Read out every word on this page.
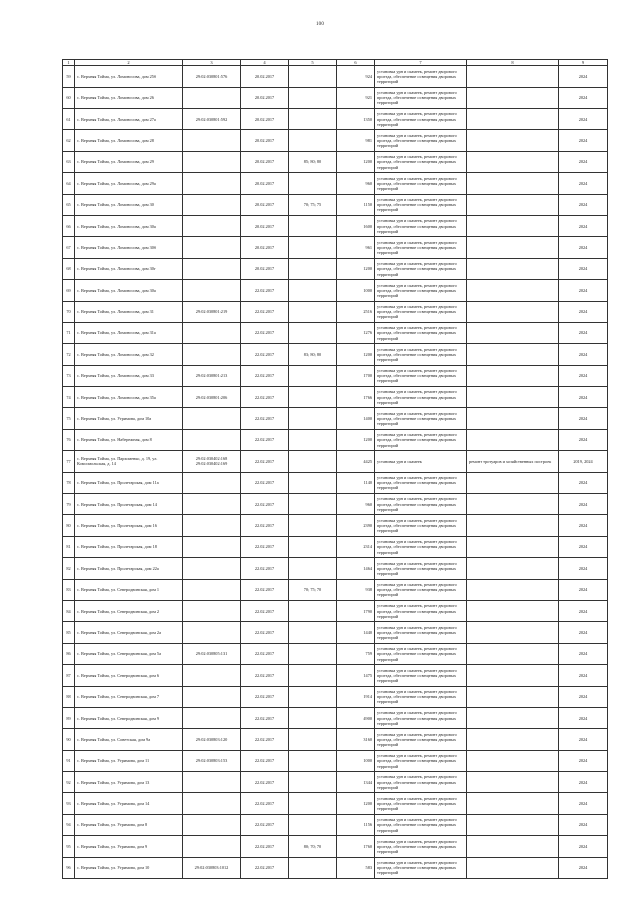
100
1	2	3	4	5	6	7	8	9
59	с. Верхняя Тойма, ул. Ломоносова, дом 25б	29:02:030801:576	20.02.2017		924	установка урн и скамеек, ремонт дворового проезда, обеспечение освещения дворовых территорий		2024
60	с. Верхняя Тойма, ул. Ломоносова, дом 26		20.02.2017		921	установка урн и скамеек, ремонт дворового проезда, обеспечение освещения дворовых территорий		2024
61	с. Верхняя Тойма, ул. Ломоносова, дом 27а	29:02:030801:592	20.02.2017		1350	установка урн и скамеек, ремонт дворового проезда, обеспечение освещения дворовых территорий		2024
62	с. Верхняя Тойма, ул. Ломоносова, дом 28		20.02.2017		981	установка урн и скамеек, ремонт дворового проезда, обеспечение освещения дворовых территорий		2024
63	с. Верхняя Тойма, ул. Ломоносова, дом 29		20.02.2017	85; 80; 80	1200	установка урн и скамеек, ремонт дворового проезда, обеспечение освещения дворовых территорий		2024
64	с. Верхняя Тойма, ул. Ломоносова, дом 29а		20.02.2017		960	установка урн и скамеек, ремонт дворового проезда, обеспечение освещения дворовых территорий		2024
65	с. Верхняя Тойма, ул. Ломоносова, дом 30		20.02.2017	70; 75; 75	1150	установка урн и скамеек, ремонт дворового проезда, обеспечение освещения дворовых территорий		2024
66	с. Верхняя Тойма, ул. Ломоносова, дом 30а		20.02.2017		1600	установка урн и скамеек, ремонт дворового проезда, обеспечение освещения дворовых территорий		2024
67	с. Верхняя Тойма, ул. Ломоносова, дом 30б		20.02.2017		961	установка урн и скамеек, ремонт дворового проезда, обеспечение освещения дворовых территорий		2024
68	с. Верхняя Тойма, ул. Ломоносова, дом 30г		20.02.2017		1200	установка урн и скамеек, ремонт дворового проезда, обеспечение освещения дворовых территорий		2024
69	с. Верхняя Тойма, ул. Ломоносова, дом 30а		22.02.2017		1000	установка урн и скамеек, ремонт дворового проезда, обеспечение освещения дворовых территорий		2024
70	с. Верхняя Тойма, ул. Ломоносова, дом 31	29:02:030801:219	22.02.2017		2516	установка урн и скамеек, ремонт дворового проезда, обеспечение освещения дворовых территорий		2024
71	с. Верхняя Тойма, ул. Ломоносова, дом 31а		22.02.2017		1276	установка урн и скамеек, ремонт дворового проезда, обеспечение освещения дворовых территорий		2024
72	с. Верхняя Тойма, ул. Ломоносова, дом 32		22.02.2017	83; 80; 80	1200	установка урн и скамеек, ремонт дворового проезда, обеспечение освещения дворовых территорий		2024
73	с. Верхняя Тойма, ул. Ломоносова, дом 33	29:02:030801:213	22.02.2017		1700	установка урн и скамеек, ремонт дворового проезда, обеспечение освещения дворовых территорий		2024
74	с. Верхняя Тойма, ул. Ломоносова, дом 35а	29:02:030801:206	22.02.2017		1766	установка урн и скамеек, ремонт дворового проезда, обеспечение освещения дворовых территорий		2024
75	с. Верхняя Тойма, ул. Угримова, дом 10а		22.02.2017		1400	установка урн и скамеек, ремонт дворового проезда, обеспечение освещения дворовых территорий		2024
76	с. Верхняя Тойма, ул. Набережная, дом 8		22.02.2017		1200	установка урн и скамеек, ремонт дворового проезда, обеспечение освещения дворовых территорий		2024
77	с. Верхняя Тойма, ул. Пархоменко, д. 19, ул. Комсомольская, д. 14	29:02:030402:168
29:02:030402:169	22.02.2017		4425	установка урн и скамеек	ремонт тротуаров и хозяйственных построек	2019, 2024
78	с. Верхняя Тойма, ул. Пролетарская, дом 11а		22.02.2017		1140	установка урн и скамеек, ремонт дворового проезда, обеспечение освещения дворовых территорий		2024
79	с. Верхняя Тойма, ул. Пролетарская, дом 14		22.02.2017		960	установка урн и скамеек, ремонт дворового проезда, обеспечение освещения дворовых территорий		2024
80	с. Верхняя Тойма, ул. Пролетарская, дом 16		22.02.2017		2390	установка урн и скамеек, ремонт дворового проезда, обеспечение освещения дворовых территорий		2024
81	с. Верхняя Тойма, ул. Пролетарская, дом 18		22.02.2017		2314	установка урн и скамеек, ремонт дворового проезда, обеспечение освещения дворовых территорий		2024
82	с. Верхняя Тойма, ул. Пролетарская, дом 22а		22.02.2017		1464	установка урн и скамеек, ремонт дворового проезда, обеспечение освещения дворовых территорий		2024
83	с. Верхняя Тойма, ул. Северодвинская, дом 1		22.02.2017	70; 75; 70	938	установка урн и скамеек, ремонт дворового проезда, обеспечение освещения дворовых территорий		2024
84	с. Верхняя Тойма, ул. Северодвинская, дом 2		22.02.2017		1790	установка урн и скамеек, ремонт дворового проезда, обеспечение освещения дворовых территорий		2024
85	с. Верхняя Тойма, ул. Северодвинская, дом 2а		22.02.2017		1440	установка урн и скамеек, ремонт дворового проезда, обеспечение освещения дворовых территорий		2024
86	с. Верхняя Тойма, ул. Северодвинская, дом 5а	29:02:030805:131	22.02.2017		759	установка урн и скамеек, ремонт дворового проезда, обеспечение освещения дворовых территорий		2024
87	с. Верхняя Тойма, ул. Северодвинская, дом 6		22.02.2017		1475	установка урн и скамеек, ремонт дворового проезда, обеспечение освещения дворовых территорий		2024
88	с. Верхняя Тойма, ул. Северодвинская, дом 7		22.02.2017		1914	установка урн и скамеек, ремонт дворового проезда, обеспечение освещения дворовых территорий		2024
89	с. Верхняя Тойма, ул. Северодвинская, дом 9		22.02.2017		4900	установка урн и скамеек, ремонт дворового проезда, обеспечение освещения дворовых территорий		2024
90	с. Верхняя Тойма, ул. Советская, дом 9а	29:02:030803:120	22.02.2017		3160	установка урн и скамеек, ремонт дворового проезда, обеспечение освещения дворовых территорий		2024
91	с. Верхняя Тойма, ул. Угримова, дом 11	29:02:030803:153	22.02.2017		1000	установка урн и скамеек, ремонт дворового проезда, обеспечение освещения дворовых территорий		2024
92	с. Верхняя Тойма, ул. Угримова, дом 13		22.02.2017		1344	установка урн и скамеек, ремонт дворового проезда, обеспечение освещения дворовых территорий		2024
93	с. Верхняя Тойма, ул. Угримова, дом 14		22.02.2017		1200	установка урн и скамеек, ремонт дворового проезда, обеспечение освещения дворовых территорий		2024
94	с. Верхняя Тойма, ул. Угримова, дом 8		22.02.2017		1156	установка урн и скамеек, ремонт дворового проезда, обеспечение освещения дворовых территорий		2024
95	с. Верхняя Тойма, ул. Угримова, дом 9		22.02.2017	80; 70; 70	1760	установка урн и скамеек, ремонт дворового проезда, обеспечение освещения дворовых территорий		2024
96	с. Верхняя Тойма, ул. Угримова, дом 10	29:02:030803:1012	22.02.2017		583	установка урн и скамеек, ремонт дворового проезда, обеспечение освещения дворовых территорий		2024
